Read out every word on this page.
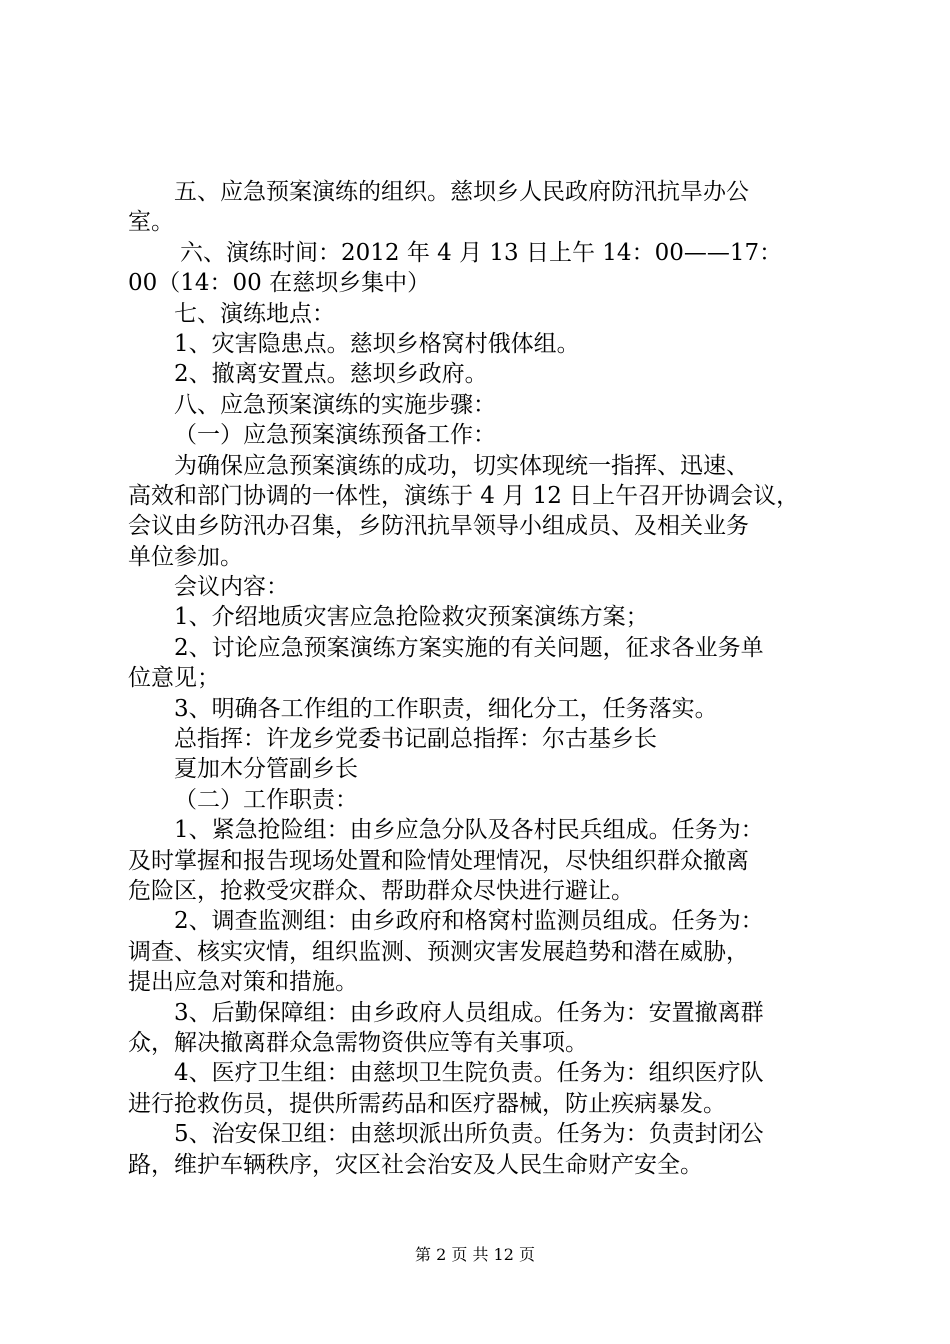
五、应急预案演练的组织。慈坝乡人民政府防汛抗旱办公
室。
六、演练时间：2012 年 4 月 13 日上午 14：00——17：
00（14：00 在慈坝乡集中）
七、演练地点：
1、灾害隐患点。慈坝乡格窝村俄体组。
2、撤离安置点。慈坝乡政府。
八、应急预案演练的实施步骤：
（一）应急预案演练预备工作：
为确保应急预案演练的成功，切实体现统一指挥、迅速、
高效和部门协调的一体性，演练于 4 月 12 日上午召开协调会议，
会议由乡防汛办召集，乡防汛抗旱领导小组成员、及相关业务
单位参加。
会议内容：
1、介绍地质灾害应急抢险救灾预案演练方案；
2、讨论应急预案演练方案实施的有关问题，征求各业务单
位意见；
3、明确各工作组的工作职责，细化分工，任务落实。
总指挥：许龙乡党委书记副总指挥：尔古基乡长
夏加木分管副乡长
（二）工作职责：
1、紧急抢险组：由乡应急分队及各村民兵组成。任务为：
及时掌握和报告现场处置和险情处理情况，尽快组织群众撤离
危险区，抢救受灾群众、帮助群众尽快进行避让。
2、调查监测组：由乡政府和格窝村监测员组成。任务为：
调查、核实灾情，组织监测、预测灾害发展趋势和潜在威胁，
提出应急对策和措施。
3、后勤保障组：由乡政府人员组成。任务为：安置撤离群
众，解决撤离群众急需物资供应等有关事项。
4、医疗卫生组：由慈坝卫生院负责。任务为：组织医疗队
进行抢救伤员，提供所需药品和医疗器械，防止疾病暴发。
5、治安保卫组：由慈坝派出所负责。任务为：负责封闭公
路，维护车辆秩序，灾区社会治安及人民生命财产安全。
第 2 页 共 12 页
